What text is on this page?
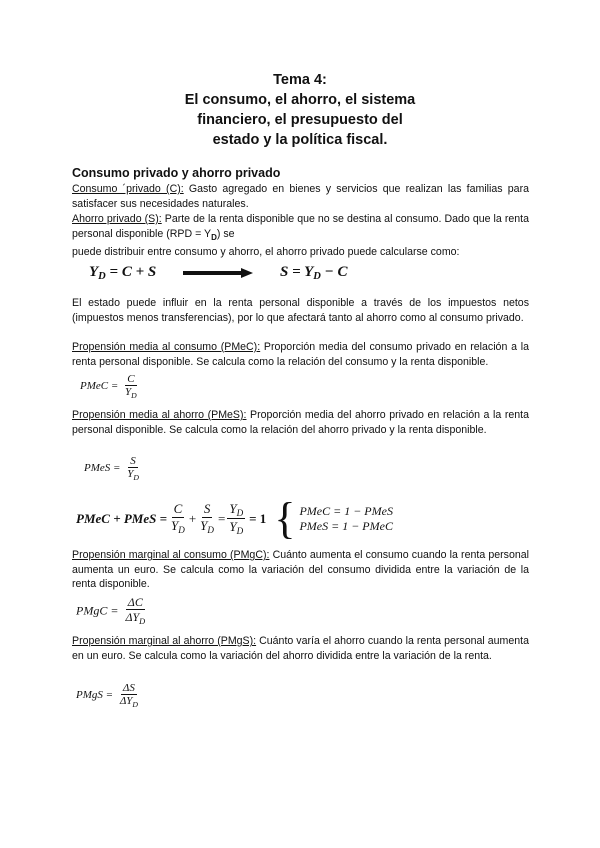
Tema 4:
El consumo, el ahorro, el sistema
financiero, el presupuesto del
estado y la política fiscal.
Consumo privado y ahorro privado
Consumo ´privado (C): Gasto agregado en bienes y servicios que realizan las familias para satisfacer sus necesidades naturales.
Ahorro privado (S): Parte de la renta disponible que no se destina al consumo. Dado que la renta personal disponible $(RPD = Y_D)$ se
puede distribuir entre consumo y ahorro, el ahorro privado puede calcularse como:
$Y_D = C + S$	$S = Y_D - C$
El estado puede influir en la renta personal disponible a través de los impuestos netos (impuestos menos transferencias), por lo que afectará tanto al ahorro como al consumo privado.
Propensión media al consumo (PMeC): Proporción media del consumo privado en relación a la renta personal disponible. Se calcula como la relación del consumo y la renta disponible.
PMeC = $\frac{C}{Y_D}$
Propensión media al ahorro (PMeS): Proporción media del ahorro privado en relación a la renta personal disponible. Se calcula como la relación del ahorro privado y la renta disponible.
PMeS = $\frac{S}{Y_D}$
PMeC + PMeS = $\frac{C}{Y_D} + \frac{S}{Y_D} = \frac{Y_D}{Y_D} = 1$ { PMeC = 1 − PMeS
PMeS = 1 − PMeC
Propensión marginal al consumo (PMgC): Cuánto aumenta el consumo cuando la renta personal aumenta un euro. Se calcula como la variación del consumo dividida entre la variación de la renta disponible.
PMgC = $\frac{\Delta C}{\Delta Y_D}$
Propensión marginal al ahorro (PMgS): Cuánto varía el ahorro cuando la renta personal aumenta en un euro. Se calcula como la variación del ahorro dividida entre la variación de la renta.
PMgS = $\frac{\Delta S}{\Delta Y_D}$
